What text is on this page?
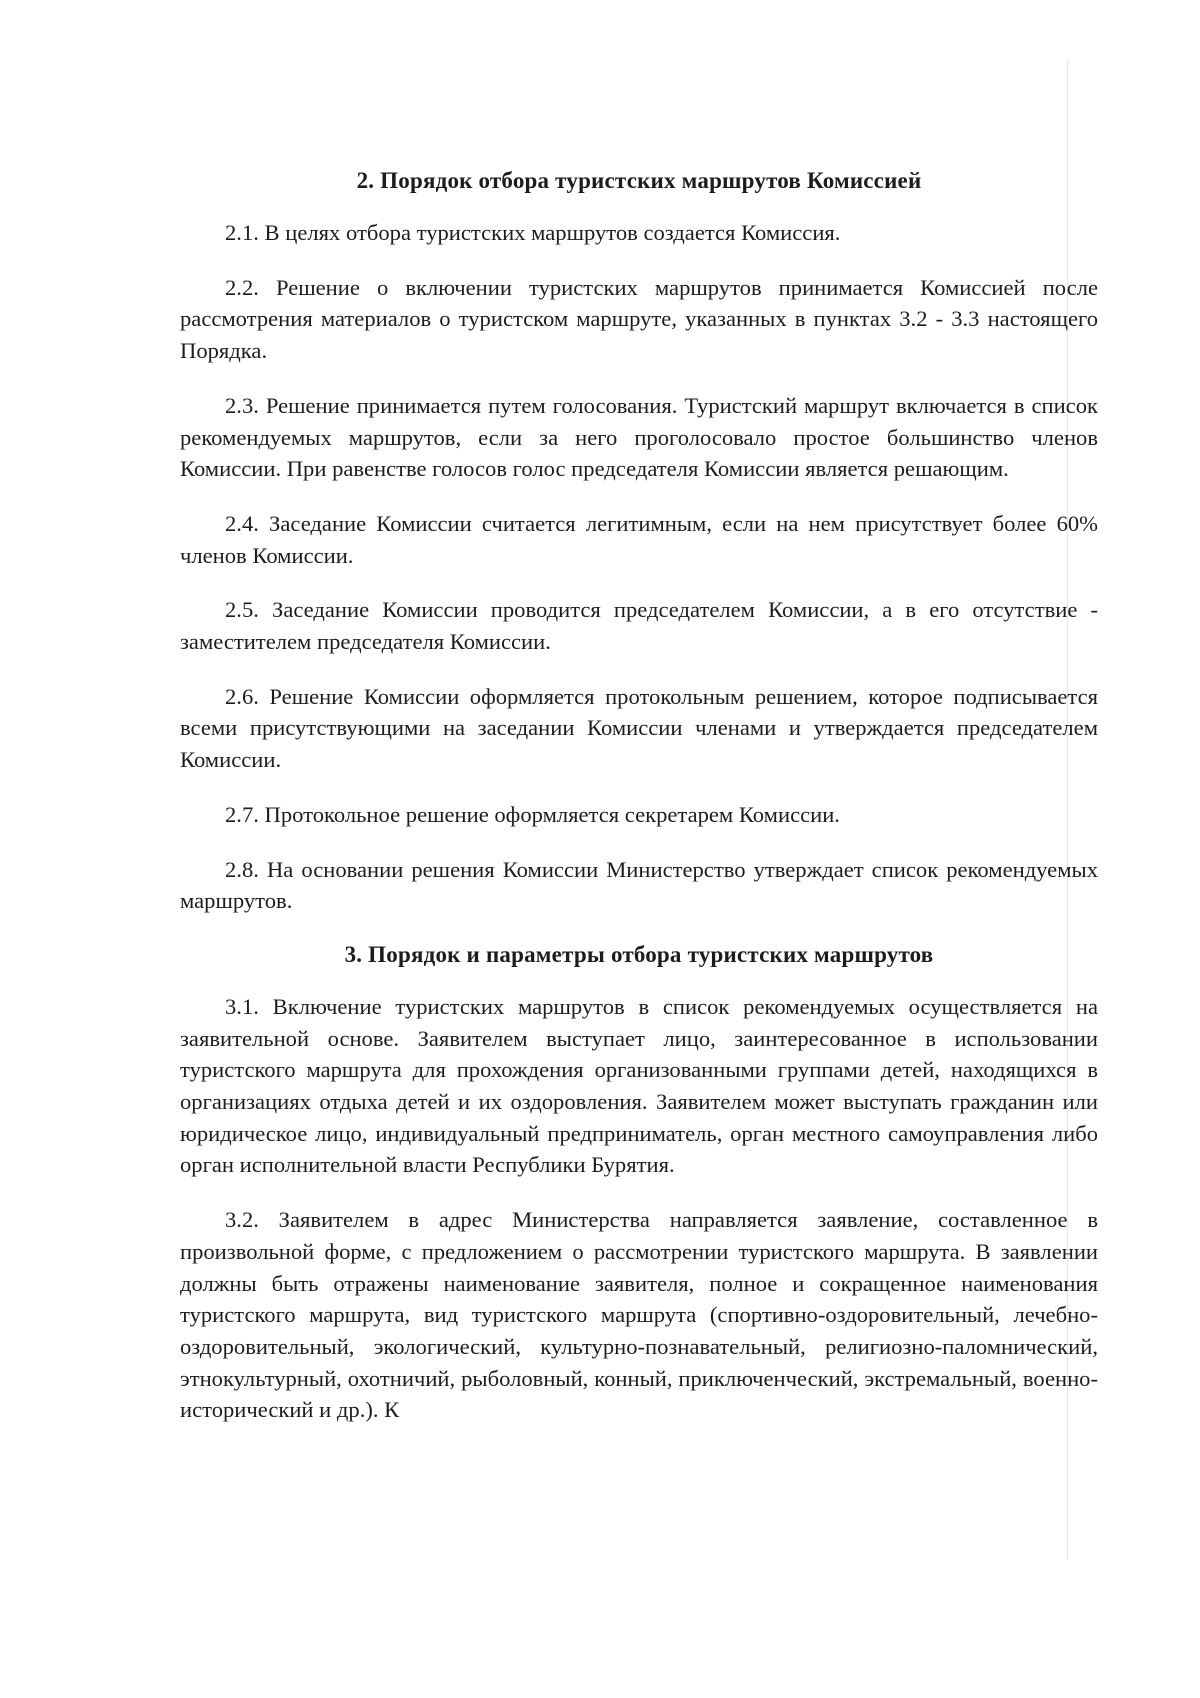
2. Порядок отбора туристских маршрутов Комиссией

2.1. В целях отбора туристских маршрутов создается Комиссия.

2.2. Решение о включении туристских маршрутов принимается Комиссией после рассмотрения материалов о туристском маршруте, указанных в пунктах 3.2 - 3.3 настоящего Порядка.

2.3. Решение принимается путем голосования. Туристский маршрут включается в список рекомендуемых маршрутов, если за него проголосовало простое большинство членов Комиссии. При равенстве голосов голос председателя Комиссии является решающим.

2.4. Заседание Комиссии считается легитимным, если на нем присутствует более 60% членов Комиссии.

2.5. Заседание Комиссии проводится председателем Комиссии, а в его отсутствие - заместителем председателя Комиссии.

2.6. Решение Комиссии оформляется протокольным решением, которое подписывается всеми присутствующими на заседании Комиссии членами и утверждается председателем Комиссии.

2.7. Протокольное решение оформляется секретарем Комиссии.

2.8. На основании решения Комиссии Министерство утверждает список рекомендуемых маршрутов.

3. Порядок и параметры отбора туристских маршрутов

3.1. Включение туристских маршрутов в список рекомендуемых осуществляется на заявительной основе. Заявителем выступает лицо, заинтересованное в использовании туристского маршрута для прохождения организованными группами детей, находящихся в организациях отдыха детей и их оздоровления. Заявителем может выступать гражданин или юридическое лицо, индивидуальный предприниматель, орган местного самоуправления либо орган исполнительной власти Республики Бурятия.

3.2. Заявителем в адрес Министерства направляется заявление, составленное в произвольной форме, с предложением о рассмотрении туристского маршрута. В заявлении должны быть отражены наименование заявителя, полное и сокращенное наименования туристского маршрута, вид туристского маршрута (спортивно-оздоровительный, лечебно-оздоровительный, экологический, культурно-познавательный, религиозно-паломнический, этнокультурный, охотничий, рыболовный, конный, приключенческий, экстремальный, военно-исторический и др.). К
